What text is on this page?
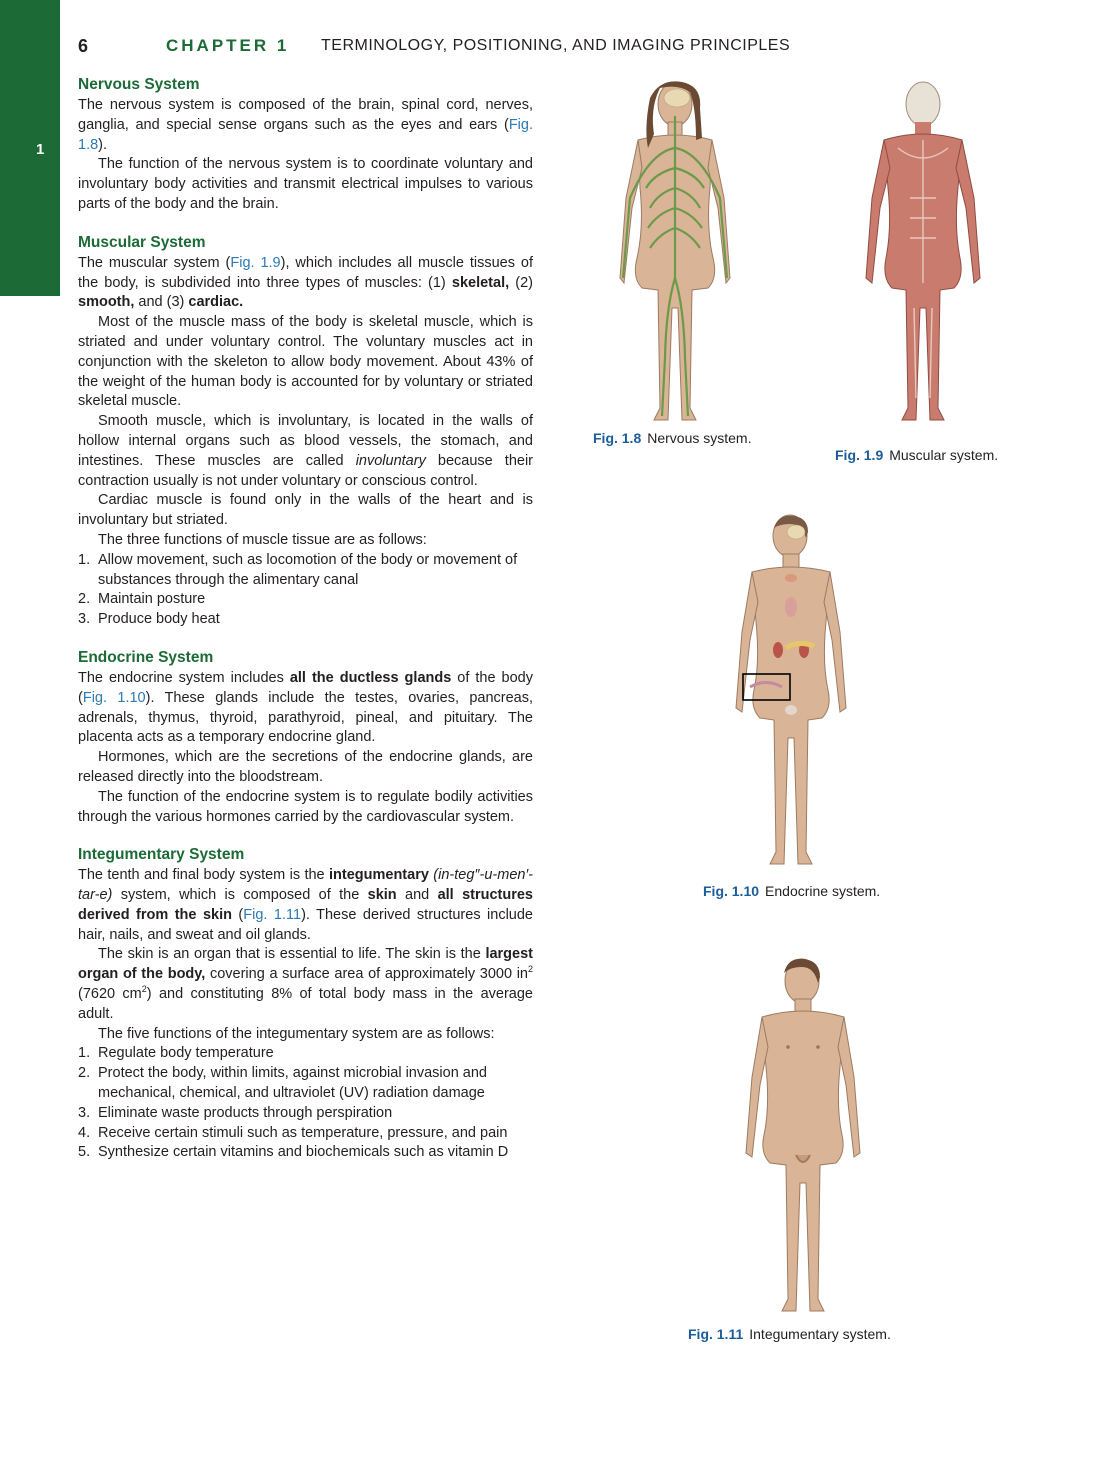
1
6	CHAPTER 1 TERMINOLOGY, POSITIONING, AND IMAGING PRINCIPLES
Nervous System

The nervous system is composed of the brain, spinal cord, nerves, ganglia, and special sense organs such as the eyes and ears (Fig. 1.8).

The function of the nervous system is to coordinate voluntary and involuntary body activities and transmit electrical impulses to various parts of the body and the brain.

Muscular System

The muscular system (Fig. 1.9), which includes all muscle tissues of the body, is subdivided into three types of muscles: (1) skeletal, (2) smooth, and (3) cardiac.

Most of the muscle mass of the body is skeletal muscle, which is striated and under voluntary control. The voluntary muscles act in conjunction with the skeleton to allow body movement. About 43% of the weight of the human body is accounted for by voluntary or striated skeletal muscle.

Smooth muscle, which is involuntary, is located in the walls of hollow internal organs such as blood vessels, the stomach, and intestines. These muscles are called involuntary because their contraction usually is not under voluntary or conscious control.

Cardiac muscle is found only in the walls of the heart and is involuntary but striated.

The three functions of muscle tissue are as follows:

1. Allow movement, such as locomotion of the body or movement of substances through the alimentary canal
2. Maintain posture
3. Produce body heat
Endocrine System

The endocrine system includes all the ductless glands of the body (Fig. 1.10). These glands include the testes, ovaries, pancreas, adrenals, thymus, thyroid, parathyroid, pineal, and pituitary. The placenta acts as a temporary endocrine gland.

Hormones, which are the secretions of the endocrine glands, are released directly into the bloodstream.

The function of the endocrine system is to regulate bodily activities through the various hormones carried by the cardiovascular system.

Integumentary System

The tenth and final body system is the integumentary (in-teg″-u-men′-tar-e) system, which is composed of the skin and all structures derived from the skin (Fig. 1.11). These derived structures include hair, nails, and sweat and oil glands.

The skin is an organ that is essential to life. The skin is the largest organ of the body, covering a surface area of approximately 3000 $in^2$ (7620 $cm^2$) and constituting 8% of total body mass in the average adult.

The five functions of the integumentary system are as follows:

1. Regulate body temperature
2. Protect the body, within limits, against microbial invasion and mechanical, chemical, and ultraviolet (UV) radiation damage
3. Eliminate waste products through perspiration
4. Receive certain stimuli such as temperature, pressure, and pain
5. Synthesize certain vitamins and biochemicals such as vitamin D
Fig. 1.8 Nervous system.
Fig. 1.9 Muscular system.
Fig. 1.10 Endocrine system.
Fig. 1.11 Integumentary system.
